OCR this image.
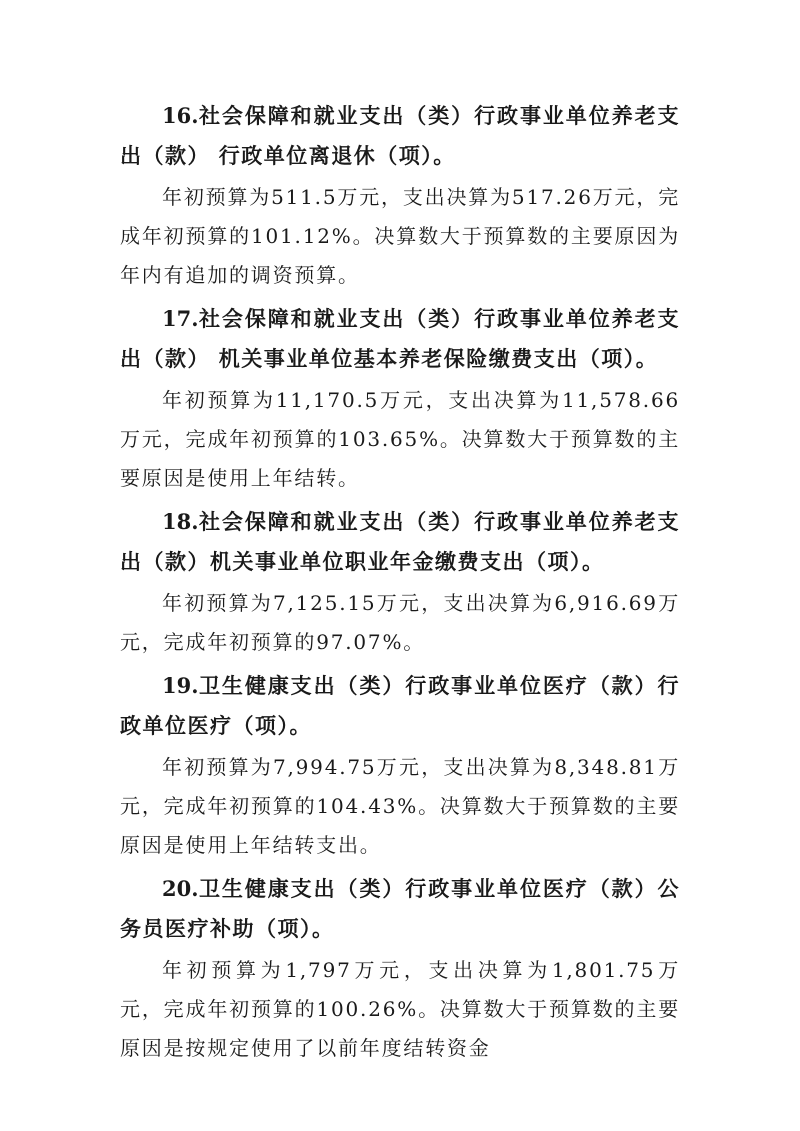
16.社会保障和就业支出（类）行政事业单位养老支出（款） 行政单位离退休（项）。

年初预算为511.5万元，支出决算为517.26万元，完成年初预算的101.12%。决算数大于预算数的主要原因为年内有追加的调资预算。

17.社会保障和就业支出（类）行政事业单位养老支出（款） 机关事业单位基本养老保险缴费支出（项）。

年初预算为11,170.5万元，支出决算为11,578.66万元，完成年初预算的103.65%。决算数大于预算数的主要原因是使用上年结转。

18.社会保障和就业支出（类）行政事业单位养老支出（款）机关事业单位职业年金缴费支出（项）。

年初预算为7,125.15万元，支出决算为6,916.69万元，完成年初预算的97.07%。

19.卫生健康支出（类）行政事业单位医疗（款）行政单位医疗（项）。

年初预算为7,994.75万元，支出决算为8,348.81万元，完成年初预算的104.43%。决算数大于预算数的主要原因是使用上年结转支出。

20.卫生健康支出（类）行政事业单位医疗（款）公务员医疗补助（项）。

年初预算为1,797万元，支出决算为1,801.75万元，完成年初预算的100.26%。决算数大于预算数的主要原因是按规定使用了以前年度结转资金
